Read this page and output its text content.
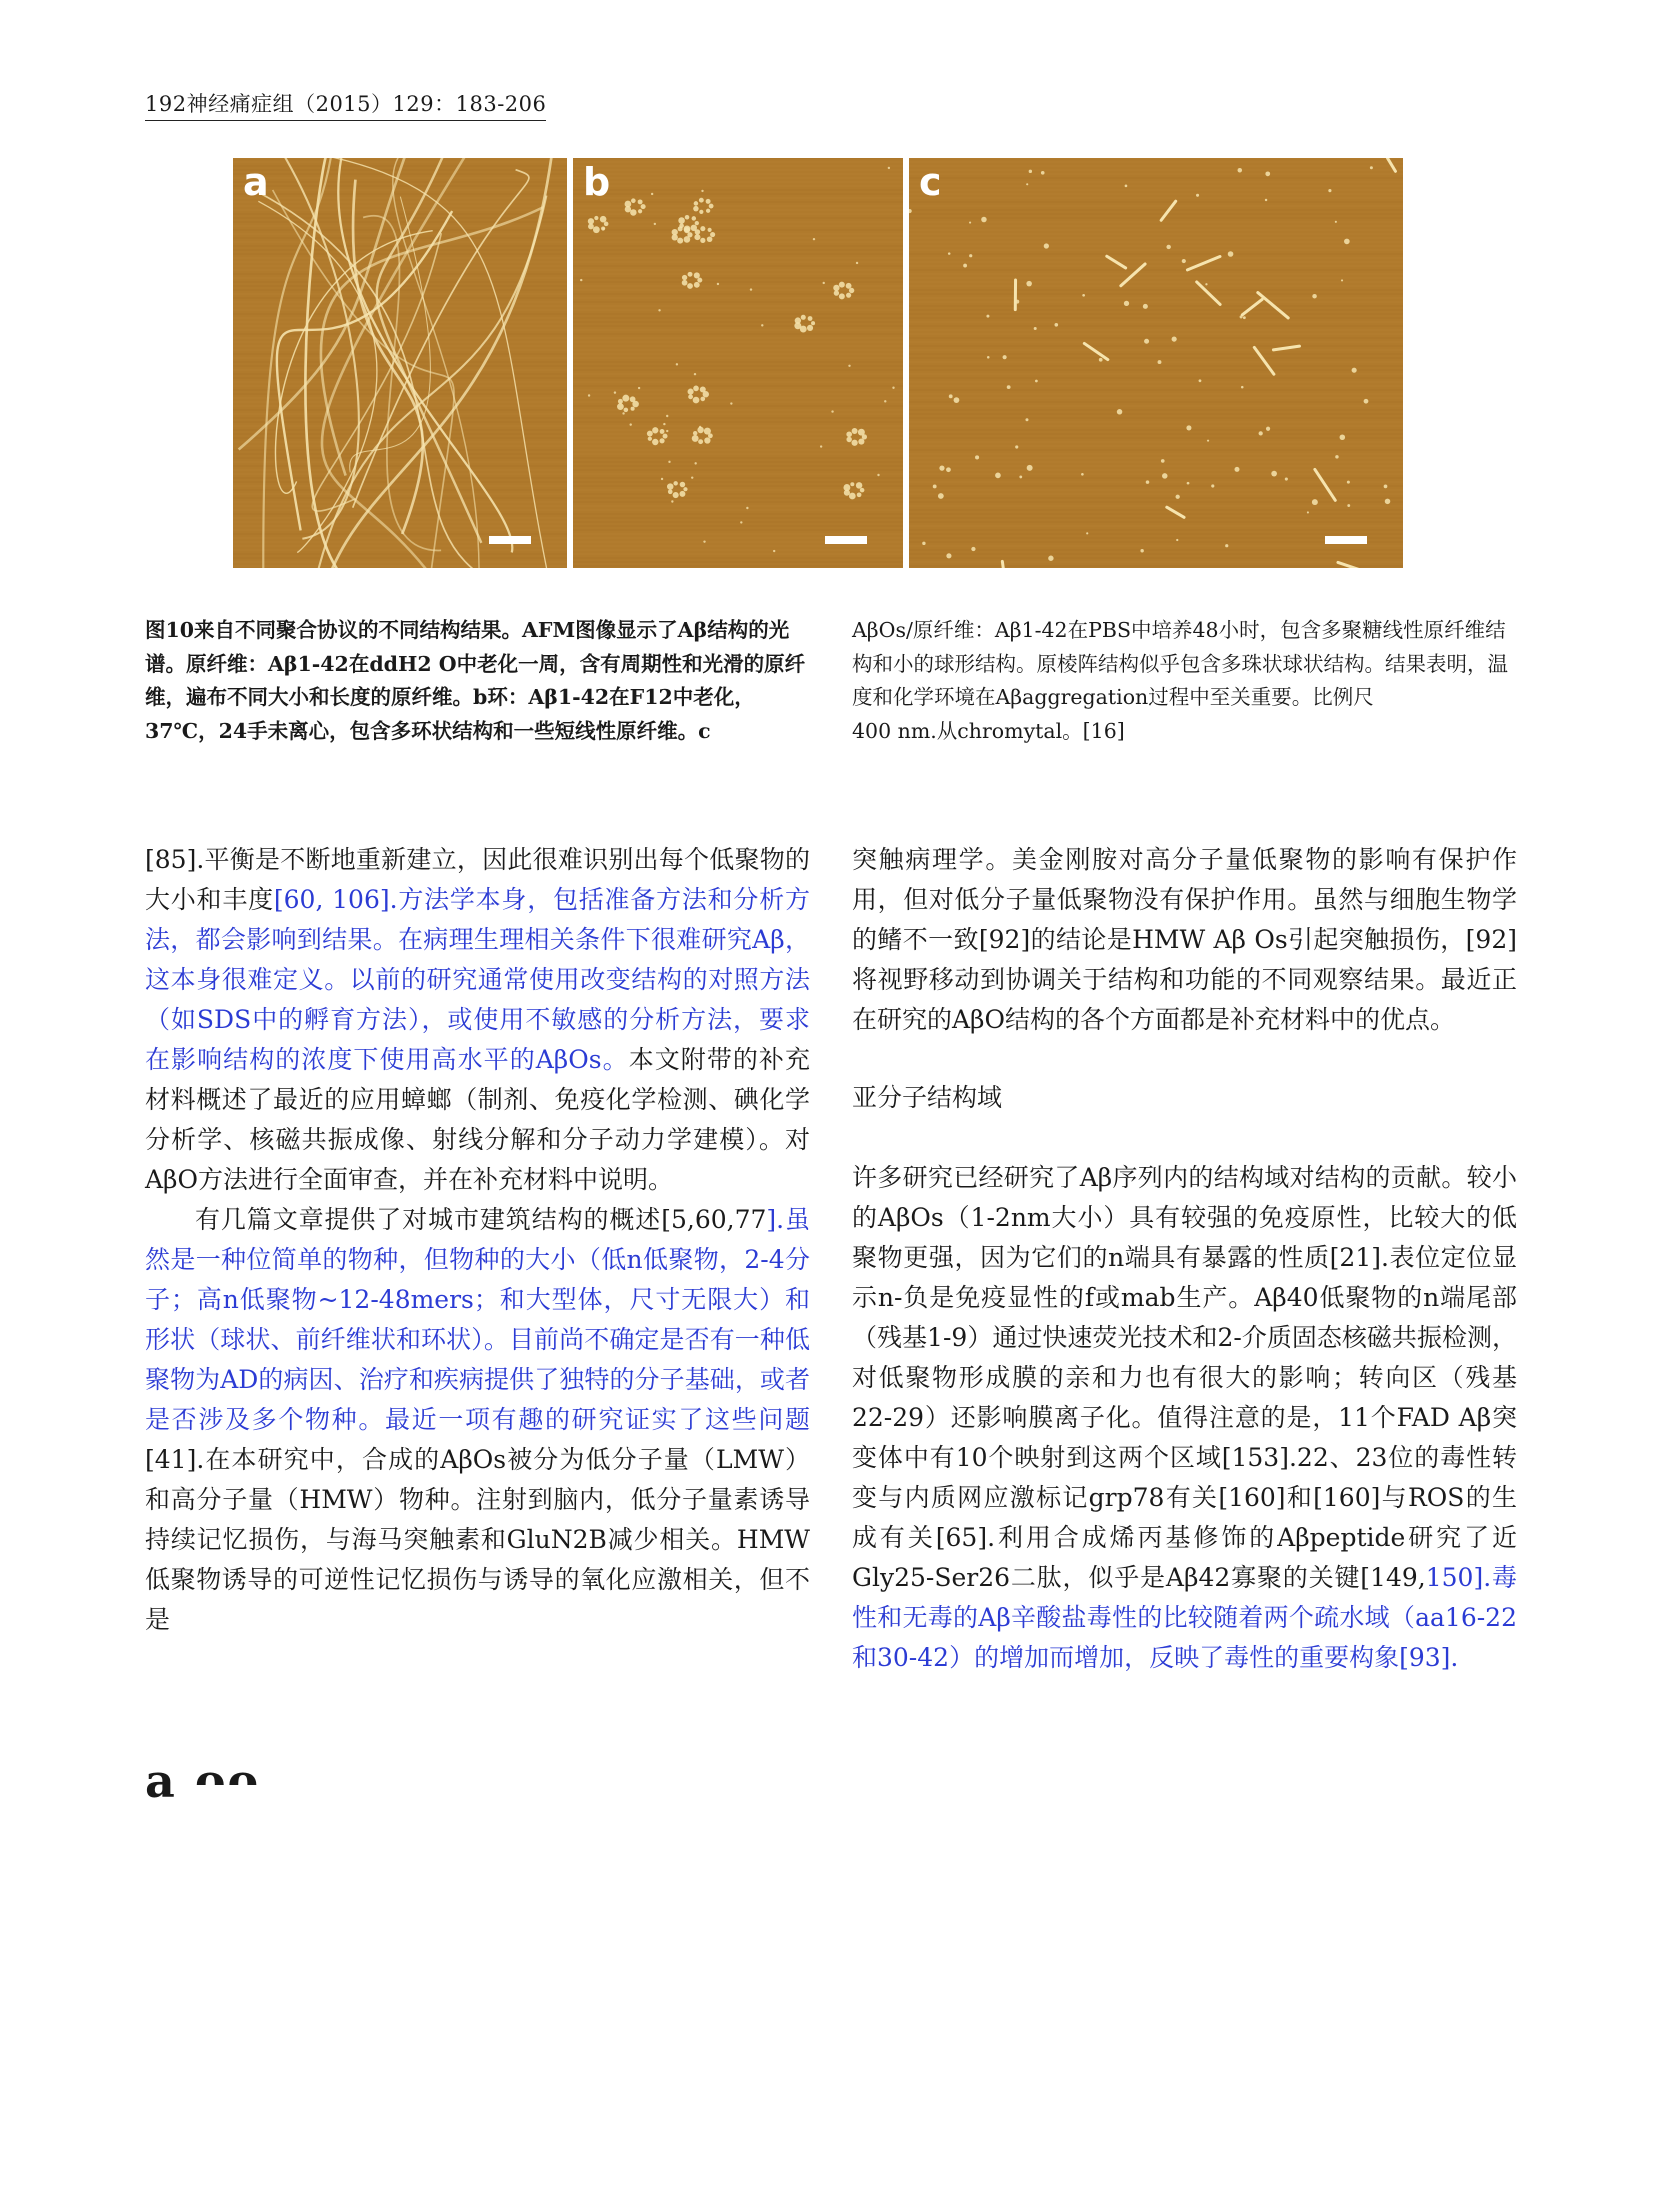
192神经痛症组（2015）129：183-206
a	b	c
图10来自不同聚合协议的不同结构结果。AFM图像显示了Aβ结构的光谱。原纤维：Aβ1-42在ddH2 O中老化一周，含有周期性和光滑的原纤维，遍布不同大小和长度的原纤维。b环：Aβ1-42在F12中老化，37℃，24手未离心，包含多环状结构和一些短线性原纤维。c
AβOs/原纤维：Aβ1-42在PBS中培养48小时，包含多聚糖线性原纤维结构和小的球形结构。原棱阵结构似乎包含多珠状球状结构。结果表明，温度和化学环境在Aβaggregation过程中至关重要。比例尺
400 nm.从chromytal。[16]

[85].平衡是不断地重新建立，因此很难识别出每个低聚物的大小和丰度[60, 106].方法学本身，包括准备方法和分析方法，都会影响到结果。在病理生理相关条件下很难研究Aβ，这本身很难定义。以前的研究通常使用改变结构的对照方法（如SDS中的孵育方法），或使用不敏感的分析方法，要求在影响结构的浓度下使用高水平的AβOs。本文附带的补充材料概述了最近的应用蟑螂（制剂、免疫化学检测、碘化学分析学、核磁共振成像、射线分解和分子动力学建模）。对AβO方法进行全面审查，并在补充材料中说明。

有几篇文章提供了对城市建筑结构的概述[5,60,77].虽然是一种位简单的物种，但物种的大小（低n低聚物，2-4分子；高n低聚物~12-48mers；和大型体，尺寸无限大）和形状（球状、前纤维状和环状）。目前尚不确定是否有一种低聚物为AD的病因、治疗和疾病提供了独特的分子基础，或者是否涉及多个物种。最近一项有趣的研究证实了这些问题[41].在本研究中，合成的AβOs被分为低分子量（LMW）和高分子量（HMW）物种。注射到脑内，低分子量素诱导持续记忆损伤，与海马突触素和GluN2B减少相关。HMW低聚物诱导的可逆性记忆损伤与诱导的氧化应激相关，但不是

突触病理学。美金刚胺对高分子量低聚物的影响有保护作用，但对低分子量低聚物没有保护作用。虽然与细胞生物学的鳍不一致[92]的结论是HMW Aβ Os引起突触损伤，[92]将视野移动到协调关于结构和功能的不同观察结果。最近正在研究的AβO结构的各个方面都是补充材料中的优点。

亚分子结构域

许多研究已经研究了Aβ序列内的结构域对结构的贡献。较小的AβOs（1-2nm大小）具有较强的免疫原性，比较大的低聚物更强，因为它们的n端具有暴露的性质[21].表位定位显示n-负是免疫显性的f或mab生产。Aβ40低聚物的n端尾部（残基1-9）通过快速荧光技术和2-介质固态核磁共振检测，对低聚物形成膜的亲和力也有很大的影响；转向区（残基22-29）还影响膜离子化。值得注意的是，11个FAD Aβ突变体中有10个映射到这两个区域[153].22、23位的毒性转变与内质网应激标记grp78有关[160]和[160]与ROS的生成有关[65].利用合成烯丙基修饰的Aβpeptide研究了近Gly25-Ser26二肽，似乎是Aβ42寡聚的关键[149,150].毒性和无毒的Aβ辛酸盐毒性的比较随着两个疏水域（aa16-22和30-42）的增加而增加，反映了毒性的重要构象[93].

a ᴖᴖ
